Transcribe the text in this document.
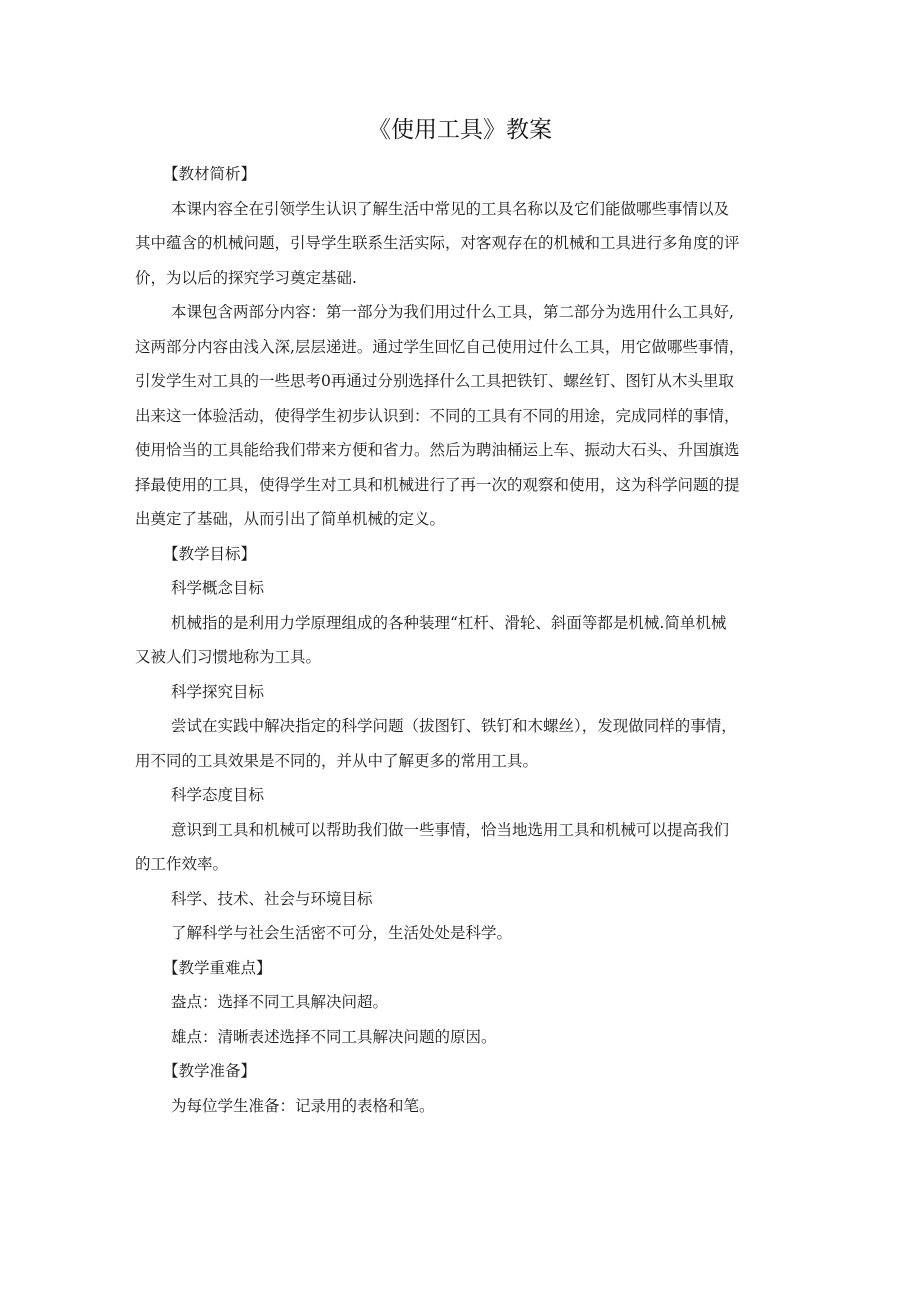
《使用工具》教案

【教材简析】

本课内容全在引领学生认识了解生活中常见的工具名称以及它们能做哪些事情以及

其中蕴含的机械问题，引导学生联系生活实际，对客观存在的机械和工具进行多角度的评

价，为以后的探究学习奠定基础.

本课包含两部分内容：第一部分为我们用过什么工具，第二部分为选用什么工具好,

这两部分内容由浅入深,层层递进。通过学生回忆自己使用过什么工具，用它做哪些事情，

引发学生对工具的一些思考0再通过分别选择什么工具把铁钉、螺丝钉、图钉从木头里取

出来这一体验活动，使得学生初步认识到：不同的工具有不同的用途，完成同样的事情，

使用恰当的工具能给我们带来方便和省力。然后为聘油桶运上车、振动大石头、升国旗选

择最使用的工具，使得学生对工具和机械进行了再一次的观察和使用，这为科学问题的提

出奠定了基础，从而引出了简单机械的定义。

【教学目标】

科学概念目标

机械指的是利用力学原理组成的各种装理“杠杆、滑轮、斜面等都是机械.简单机械

又被人们习惯地称为工具。

科学探究目标

尝试在实践中解决指定的科学问题（拔图钉、铁钉和木螺丝），发现做同样的事情，

用不同的工具效果是不同的，并从中了解更多的常用工具。

科学态度目标

意识到工具和机械可以帮助我们做一些事情，恰当地选用工具和机械可以提高我们

的工作效率。

科学、技术、社会与环境目标

了解科学与社会生活密不可分，生活处处是科学。

【教学重难点】

盎点：选择不同工具解决问超。

雄点：清晰表述选择不同工具解决问题的原因。

【教学准备】

为每位学生准备：记录用的表格和笔。
